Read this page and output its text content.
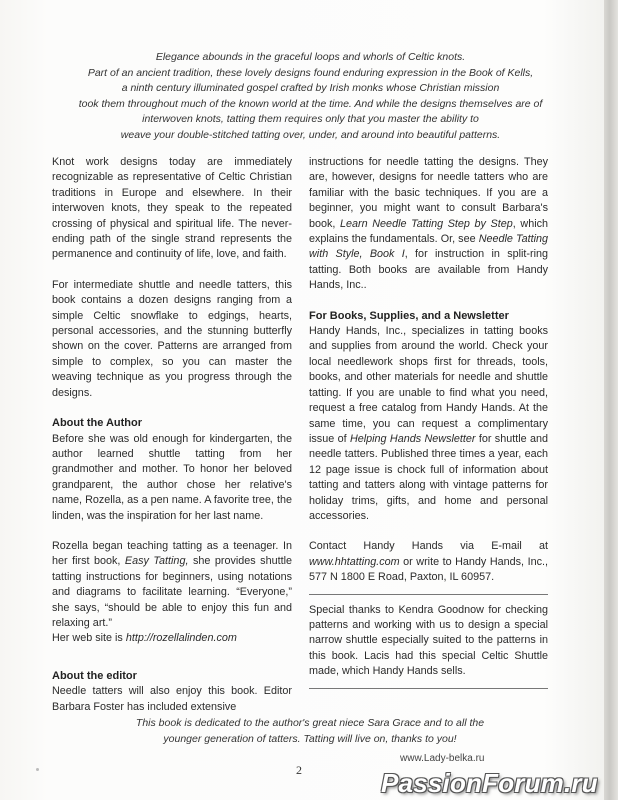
Elegance abounds in the graceful loops and whorls of Celtic knots.
Part of an ancient tradition, these lovely designs found enduring expression in the Book of Kells,
a ninth century illuminated gospel crafted by Irish monks whose Christian mission
took them throughout much of the known world at the time. And while the designs themselves are of
interwoven knots, tatting them requires only that you master the ability to
weave your double-stitched tatting over, under, and around into beautiful patterns.

Knot work designs today are immediately recognizable as representative of Celtic Christian traditions in Europe and elsewhere. In their interwoven knots, they speak to the repeated crossing of physical and spiritual life. The never-ending path of the single strand represents the permanence and continuity of life, love, and faith.

For intermediate shuttle and needle tatters, this book contains a dozen designs ranging from a simple Celtic snowflake to edgings, hearts, personal accessories, and the stunning butterfly shown on the cover. Patterns are arranged from simple to complex, so you can master the weaving technique as you progress through the designs.

About the Author

Before she was old enough for kindergarten, the author learned shuttle tatting from her grandmother and mother. To honor her beloved grandparent, the author chose her relative's name, Rozella, as a pen name. A favorite tree, the linden, was the inspiration for her last name.

Rozella began teaching tatting as a teenager. In her first book, Easy Tatting, she provides shuttle tatting instructions for beginners, using notations and diagrams to facilitate learning. “Everyone,” she says, “should be able to enjoy this fun and relaxing art.”

Her web site is http://rozellalinden.com

About the editor

Needle tatters will also enjoy this book. Editor Barbara Foster has included extensive

instructions for needle tatting the designs. They are, however, designs for needle tatters who are familiar with the basic techniques. If you are a beginner, you might want to consult Barbara's book, Learn Needle Tatting Step by Step, which explains the fundamentals. Or, see Needle Tatting with Style, Book I, for instruction in split-ring tatting. Both books are available from Handy Hands, Inc..

For Books, Supplies, and a Newsletter

Handy Hands, Inc., specializes in tatting books and supplies from around the world. Check your local needlework shops first for threads, tools, books, and other materials for needle and shuttle tatting. If you are unable to find what you need, request a free catalog from Handy Hands. At the same time, you can request a complimentary issue of Helping Hands Newsletter for shuttle and needle tatters. Published three times a year, each 12 page issue is chock full of information about tatting and tatters along with vintage patterns for holiday trims, gifts, and home and personal accessories.

Contact Handy Hands via E-mail at www.hhtatting.com or write to Handy Hands, Inc., 577 N 1800 E Road, Paxton, IL 60957.

Special thanks to Kendra Goodnow for checking patterns and working with us to design a special narrow shuttle especially suited to the patterns in this book. Lacis had this special Celtic Shuttle made, which Handy Hands sells.

This book is dedicated to the author's great niece Sara Grace and to all the
younger generation of tatters. Tatting will live on, thanks to you!
2
www.Lady-belka.ru
PassionForum.ru
